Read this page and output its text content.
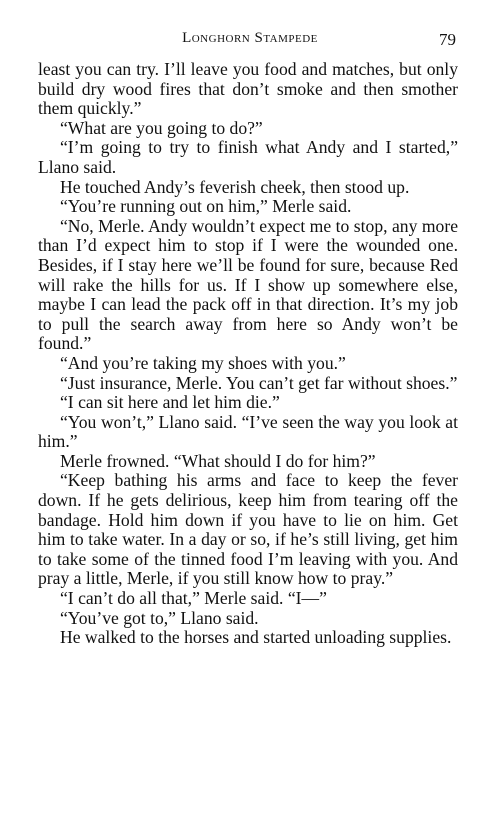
Longhorn Stampede	79

least you can try. I’ll leave you food and matches, but only build dry wood fires that don’t smoke and then smother them quickly.”

“What are you going to do?”

“I’m going to try to finish what Andy and I started,” Llano said.

He touched Andy’s feverish cheek, then stood up.

“You’re running out on him,” Merle said.

“No, Merle. Andy wouldn’t expect me to stop, any more than I’d expect him to stop if I were the wounded one. Besides, if I stay here we’ll be found for sure, because Red will rake the hills for us. If I show up somewhere else, maybe I can lead the pack off in that direction. It’s my job to pull the search away from here so Andy won’t be found.”

“And you’re taking my shoes with you.”

“Just insurance, Merle. You can’t get far without shoes.”

“I can sit here and let him die.”

“You won’t,” Llano said. “I’ve seen the way you look at him.”

Merle frowned. “What should I do for him?”

“Keep bathing his arms and face to keep the fever down. If he gets delirious, keep him from tearing off the bandage. Hold him down if you have to lie on him. Get him to take water. In a day or so, if he’s still living, get him to take some of the tinned food I’m leaving with you. And pray a little, Merle, if you still know how to pray.”

“I can’t do all that,” Merle said. “I—”

“You’ve got to,” Llano said.

He walked to the horses and started unloading supplies.
